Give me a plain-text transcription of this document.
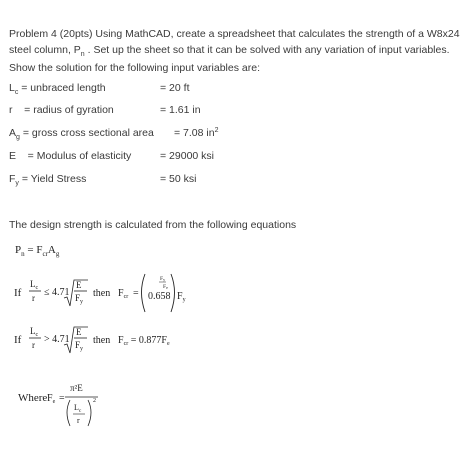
Problem 4 (20pts) Using MathCAD, create a spreadsheet that calculates the strength of a W8x24
steel column, $P_n$ . Set up the sheet so that it can be solved with any variation of input variables.
Show the solution for the following input variables are:
$L_c$ = unbraced length	= 20 ft
r    = radius of gyration	= 1.61 in
$A_g$ = gross cross sectional area = 7.08 $in^2$
E    = Modulus of elasticity	= 29000 ksi
$F_y$ = Yield Stress	= 50 ksi
The design strength is calculated from the following equations
$P_n = F_{cr}A_g$
If
$L_c$
r ≤ 4.71
E
$F_y$
then $F_{cr} = 0.658$
Fy
Fe
$F_y$
If
$L_c$
r > 4.71
E
$F_y$
then $F_{cr} = 0.877F_e$
Where $F_e$ =
π²E
$L_c$
r
2
